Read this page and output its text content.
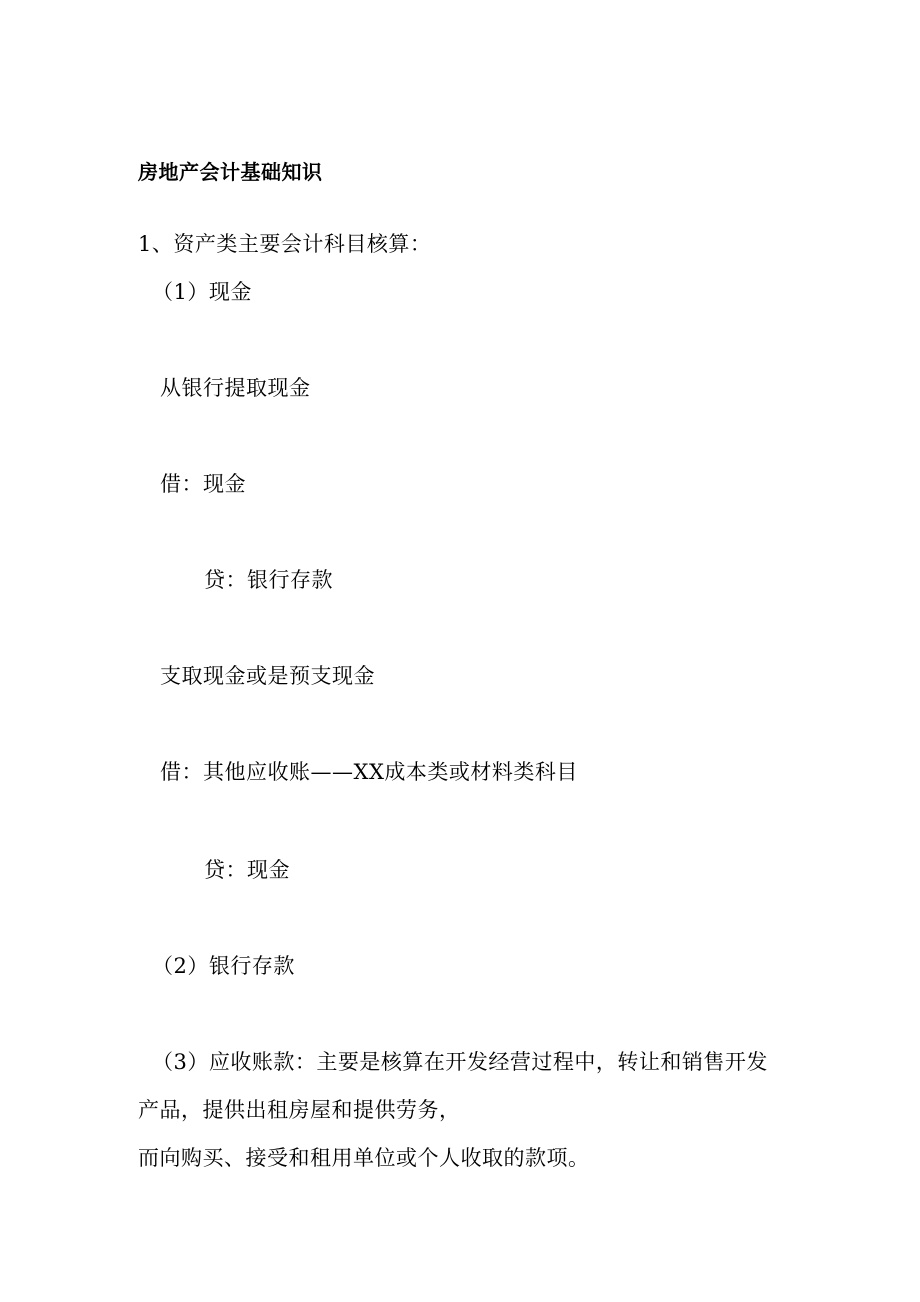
房地产会计基础知识
1、资产类主要会计科目核算：
（1）现金
从银行提取现金
借：现金
贷：银行存款
支取现金或是预支现金
借：其他应收账——XX成本类或材料类科目
贷：现金
（2）银行存款
（3）应收账款：主要是核算在开发经营过程中，转让和销售开发
产品，提供出租房屋和提供劳务，
而向购买、接受和租用单位或个人收取的款项。
